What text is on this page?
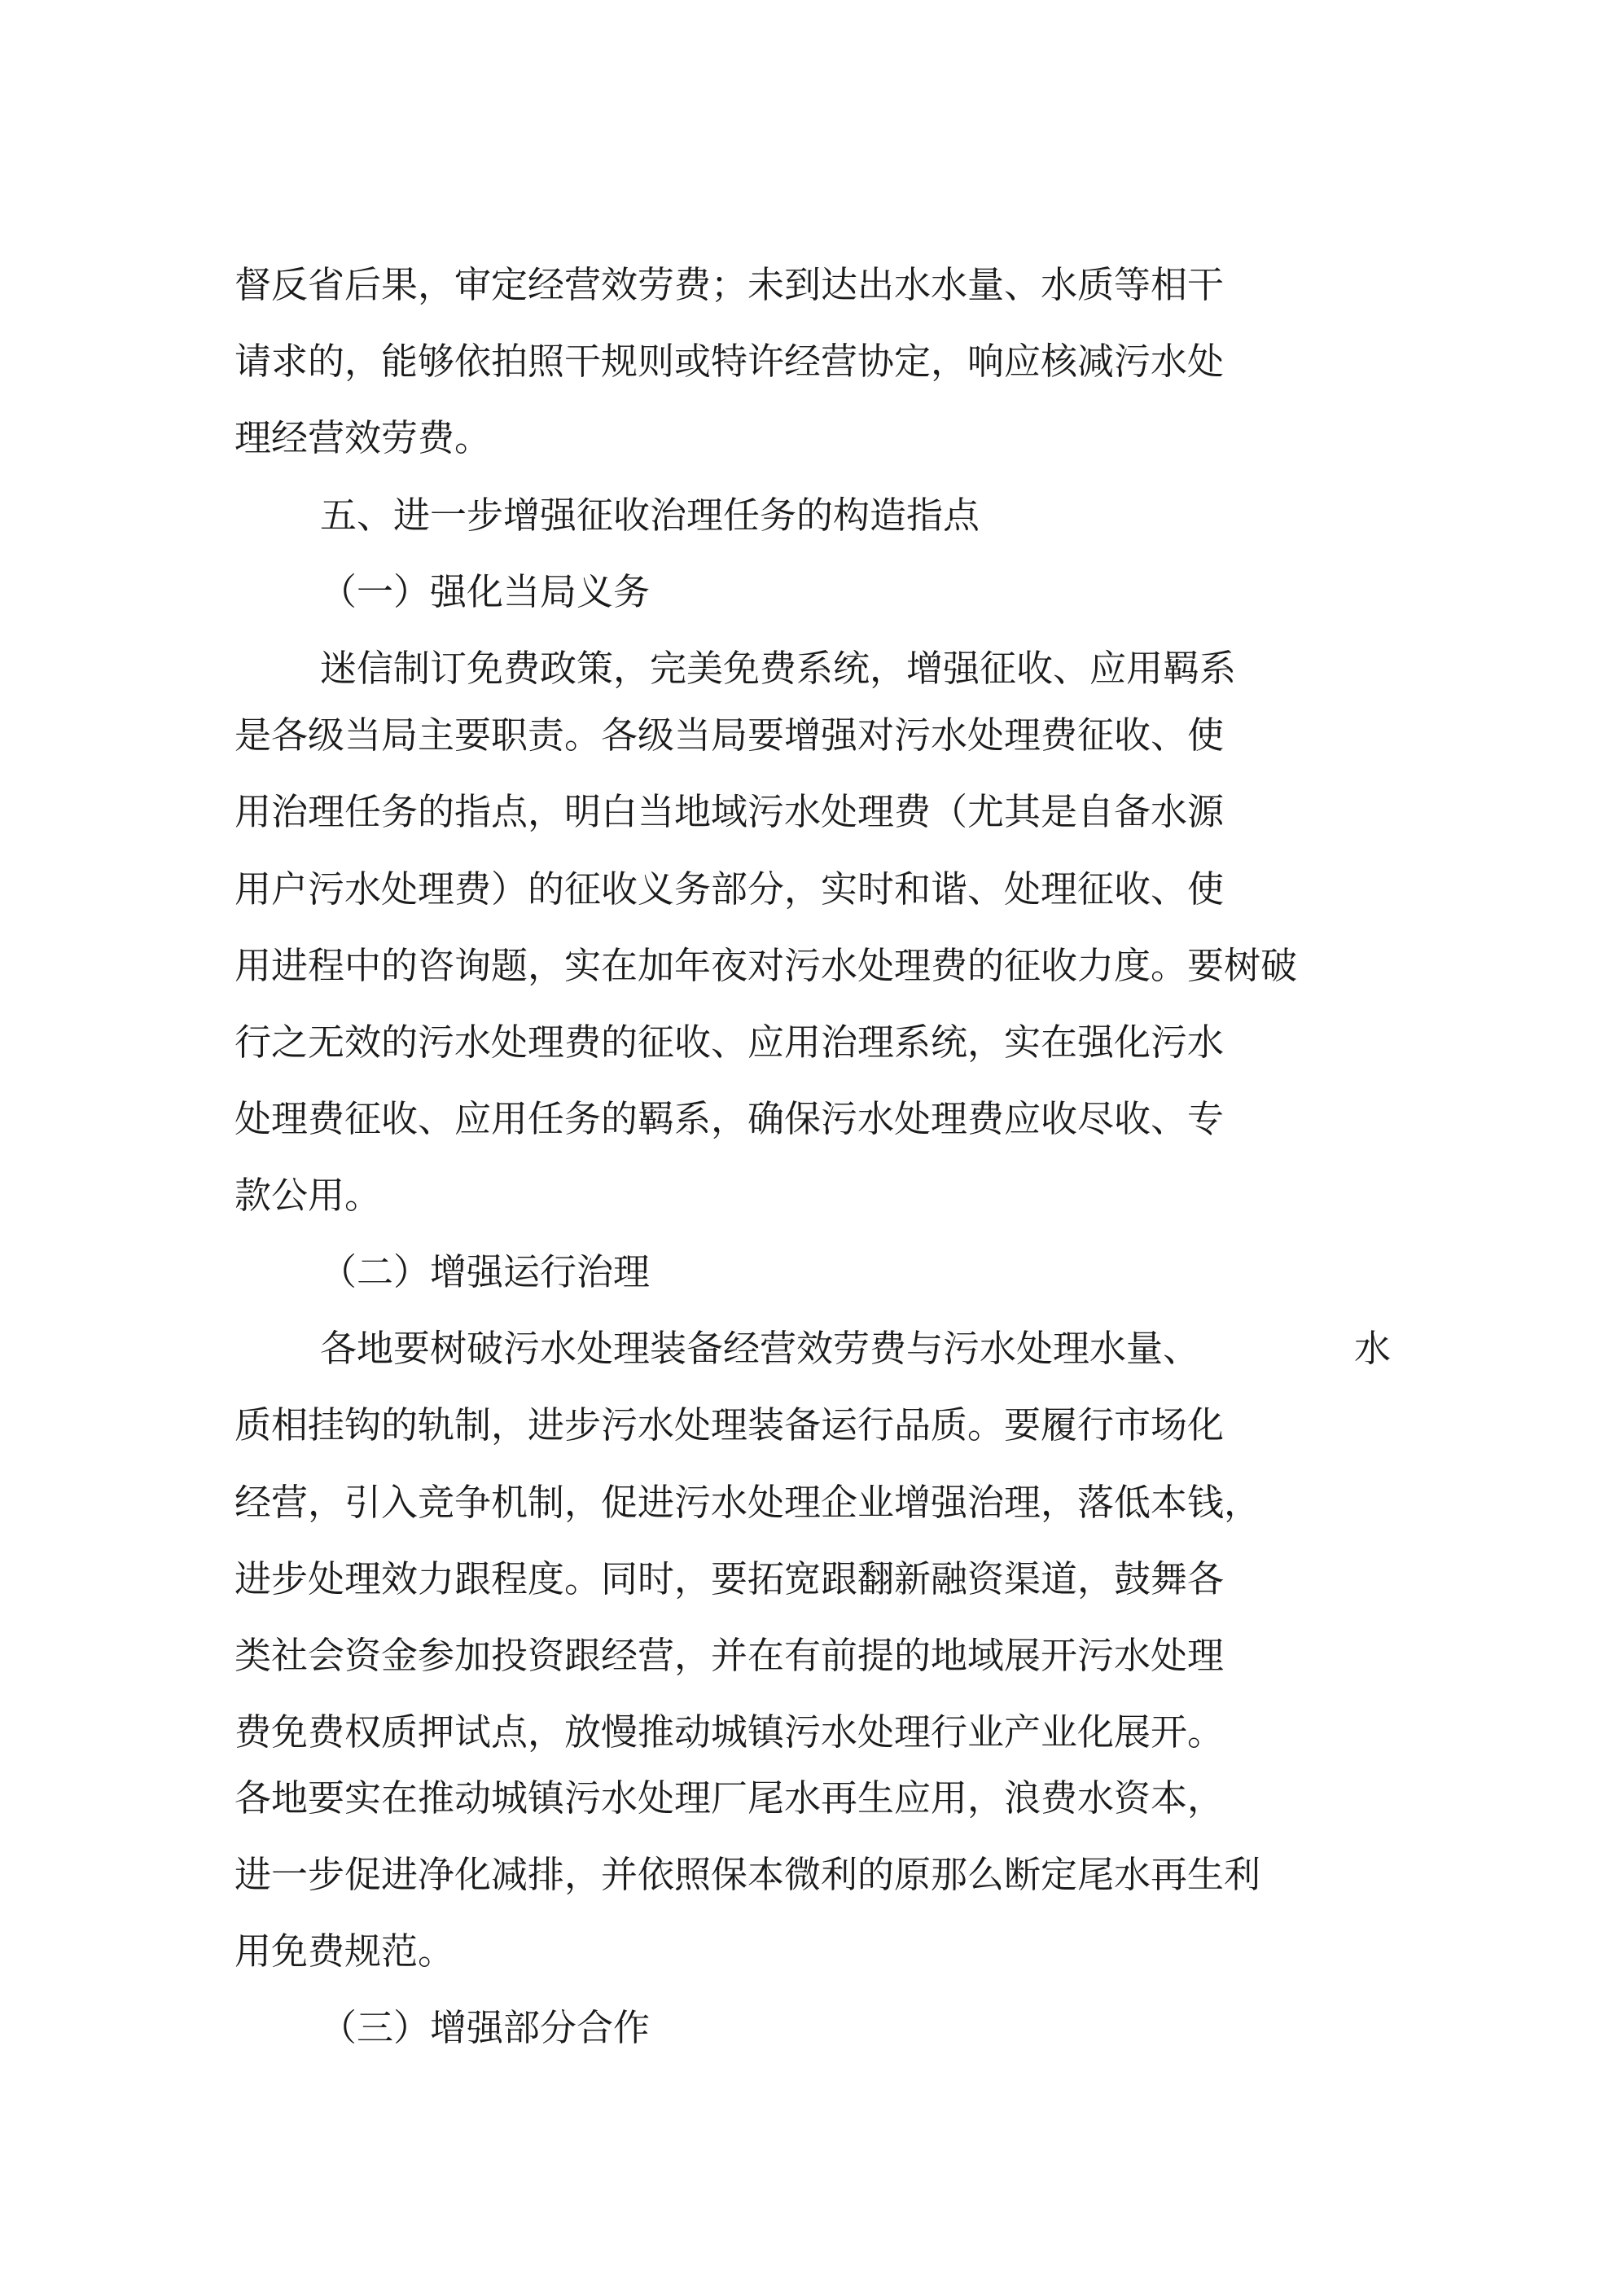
督反省后果，审定经营效劳费；未到达出水水量、水质等相干

请求的，能够依拍照干规则或特许经营协定，响应核减污水处

理经营效劳费。

五、进一步增强征收治理任务的构造指点

（一）强化当局义务

迷信制订免费政策，完美免费系统，增强征收、应用羁系

是各级当局主要职责。各级当局要增强对污水处理费征收、使

用治理任务的指点，明白当地域污水处理费（尤其是自备水源

用户污水处理费）的征收义务部分，实时和谐、处理征收、使

用进程中的咨询题，实在加年夜对污水处理费的征收力度。要树破

行之无效的污水处理费的征收、应用治理系统，实在强化污水

处理费征收、应用任务的羁系，确保污水处理费应收尽收、专

款公用。

（二）增强运行治理

各地要树破污水处理装备经营效劳费与污水处理水量、	水

质相挂钩的轨制，进步污水处理装备运行品质。要履行市场化

经营，引入竞争机制，促进污水处理企业增强治理，落低本钱，

进步处理效力跟程度。同时，要拓宽跟翻新融资渠道，鼓舞各

类社会资金参加投资跟经营，并在有前提的地域展开污水处理

费免费权质押试点，放慢推动城镇污水处理行业产业化展开。

各地要实在推动城镇污水处理厂尾水再生应用，浪费水资本，

进一步促进净化减排，并依照保本微利的原那么断定尾水再生利

用免费规范。

（三）增强部分合作
